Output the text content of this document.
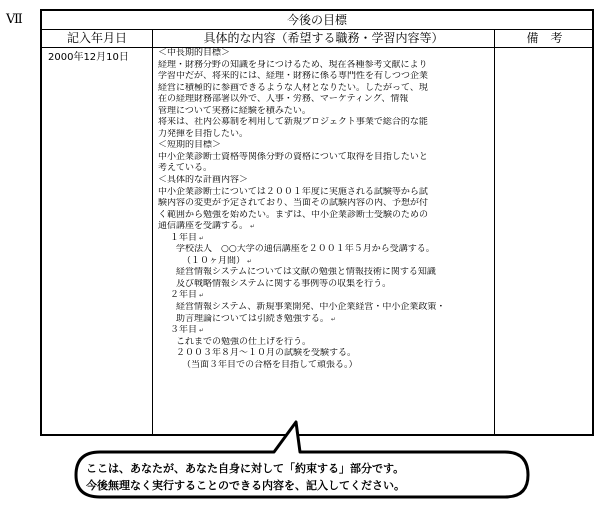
Ⅶ	今後の目標
記入年月日	具体的な内容（希望する職務・学習内容等）	備　考
2000年12月10日	＜中長期的目標＞
経理・財務分野の知識を身につけるため、現在各種参考文献により
学習中だが、将来的には、経理・財務に係る専門性を有しつつ企業
経営に積極的に参画できるような人材となりたい。したがって、現
在の経理財務部署以外で、人事・労務、マーケティング、情報
管理について実務に経験を積みたい。
将来は、社内公募制を利用して新規プロジェクト事業で総合的な能
力発揮を目指したい。
＜短期的目標＞
中小企業診断士資格等関係分野の資格について取得を目指したいと
考えている。
＜具体的な計画内容＞
中小企業診断士については２００１年度に実施される試験等から試
験内容の変更が予定されており、当面その試験内容の内、予想が付
く範囲から勉強を始めたい。まずは、中小企業診断士受験のための
通信講座を受講する。 ↵
１年目 ↵
学校法人　○○大学の通信講座を２００１年５月から受講する。
（１０ヶ月間） ↵
経営情報システムについては文献の勉強と情報技術に関する知識
及び戦略情報システムに関する事例等の収集を行う。
２年目 ↵
経営情報システム、新規事業開発、中小企業経営・中小企業政策・
助言理論については引続き勉強する。 ↵
３年目 ↵
これまでの勉強の仕上げを行う。
２００３年８月～１０月の試験を受験する。
（当面３年目での合格を目指して頑張る。）
ここは、あなたが、あなた自身に対して「約束する」部分です。
今後無理なく実行することのできる内容を、記入してください。
